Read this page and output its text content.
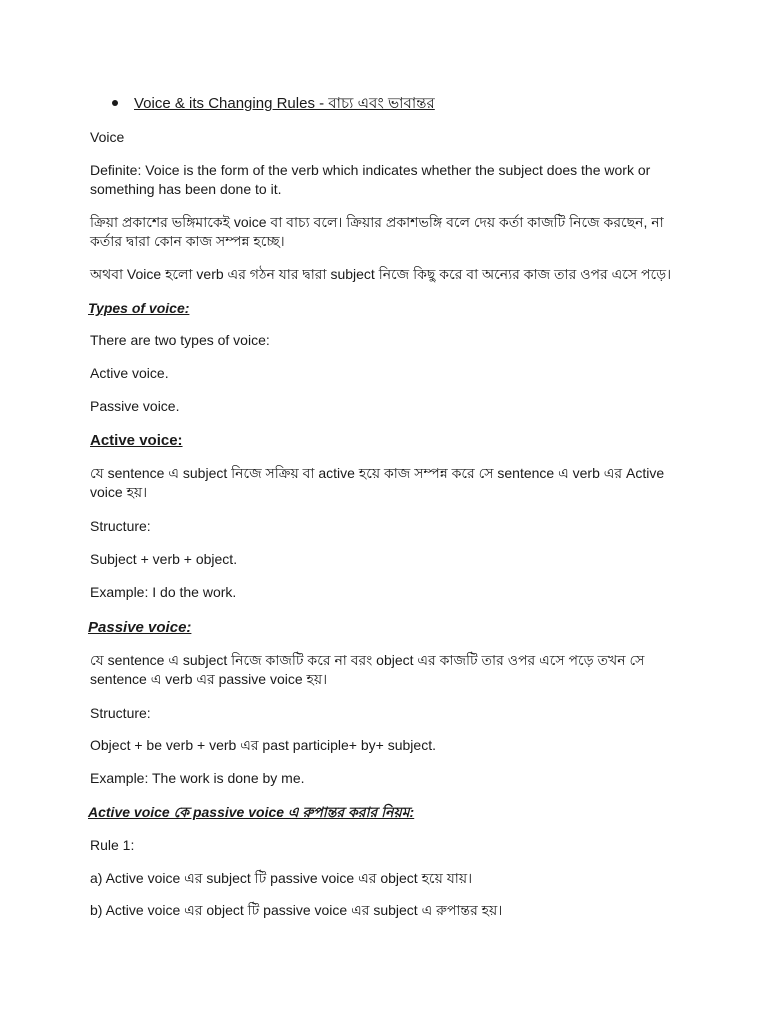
Voice & its Changing Rules - বাচ্য এবং ভাবান্তর
Voice
Definite: Voice is the form of the verb which indicates whether the subject does the work or something has been done to it.
ক্রিয়া প্রকাশের ভঙ্গিমাকেই voice বা বাচ্য বলে। ক্রিয়ার প্রকাশভঙ্গি বলে দেয় কর্তা কাজটি নিজে করছেন, না কর্তার দ্বারা কোন কাজ সম্পন্ন হচ্ছে।
অথবা Voice হলো verb এর গঠন যার দ্বারা subject নিজে কিছু করে বা অন্যের কাজ তার ওপর এসে পড়ে।
Types of voice:
There are two types of voice:
Active voice.
Passive voice.
Active voice:
যে sentence এ subject নিজে সক্রিয় বা active হয়ে কাজ সম্পন্ন করে সে sentence এ verb এর Active voice হয়।
Structure:
Subject + verb + object.
Example: I do the work.
Passive voice:
যে sentence এ subject নিজে কাজটি করে না বরং object এর কাজটি তার ওপর এসে পড়ে তখন সে sentence এ verb এর passive voice হয়।
Structure:
Object + be verb + verb এর past participle+ by+ subject.
Example: The work is done by me.
Active voice কে passive voice এ রুপান্তর করার নিয়ম:
Rule 1:
a) Active voice এর subject টি passive voice এর object হয়ে যায়।
b) Active voice এর object টি passive voice এর subject এ রুপান্তর হয়।
